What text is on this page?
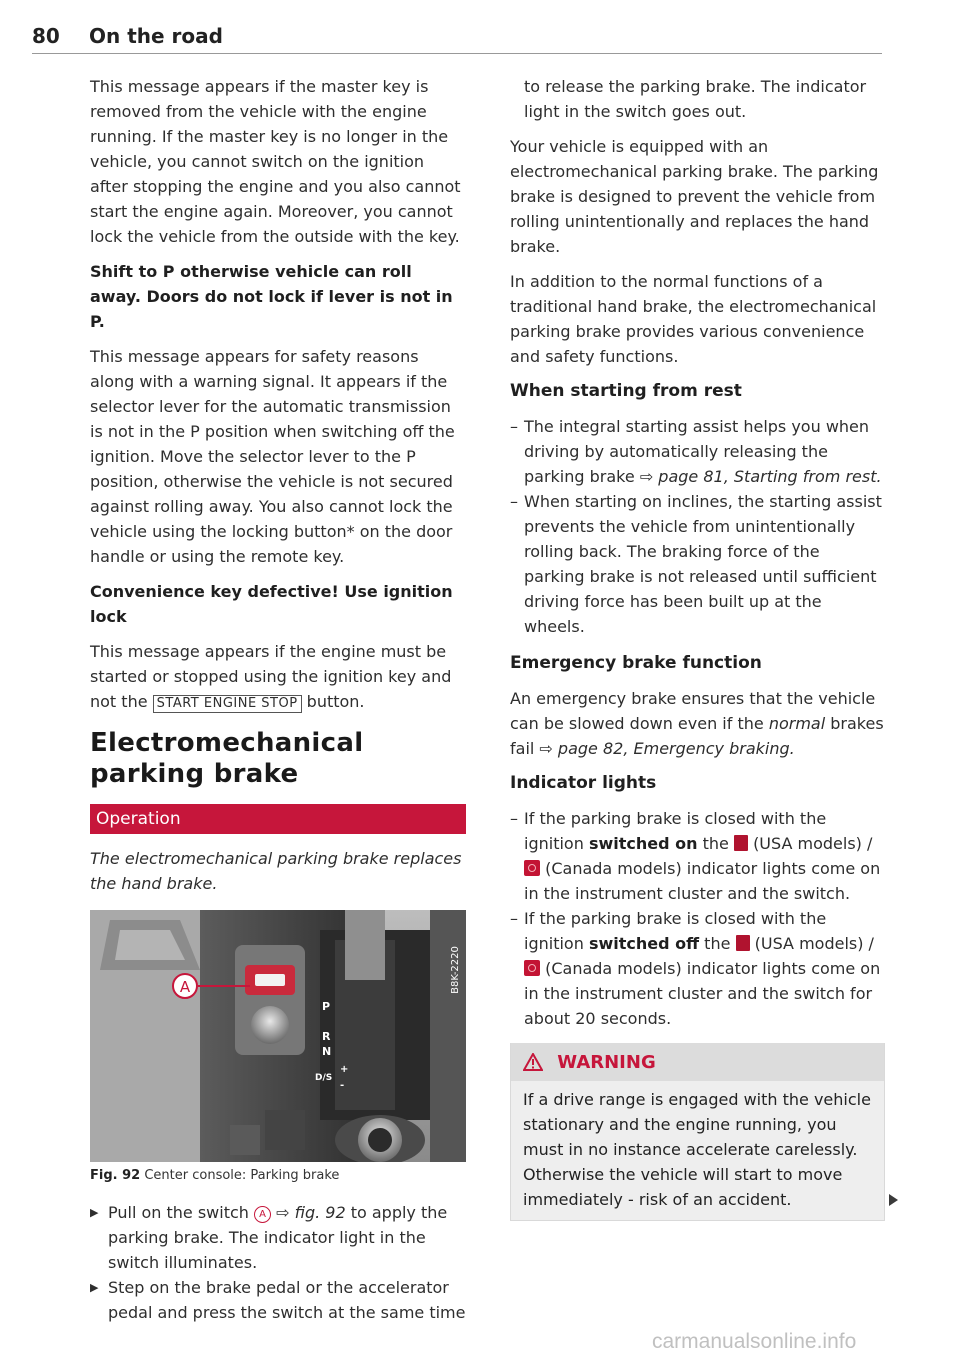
80 On the road

This message appears if the master key is removed from the vehicle with the engine running. If the master key is no longer in the vehicle, you cannot switch on the ignition after stopping the engine and you also cannot start the engine again. Moreover, you cannot lock the vehicle from the outside with the key.

Shift to P otherwise vehicle can roll away. Doors do not lock if lever is not in P.

This message appears for safety reasons along with a warning signal. It appears if the selector lever for the automatic transmission is not in the P position when switching off the ignition. Move the selector lever to the P position, otherwise the vehicle is not secured against rolling away. You also cannot lock the vehicle using the locking button* on the door handle or using the remote key.

Convenience key defective! Use ignition lock

This message appears if the engine must be started or stopped using the ignition key and not the START ENGINE STOP button.

Electromechanical parking brake
Operation
The electromechanical parking brake replaces the hand brake.
P
R
N
D/S
+
-
A	B8K-2220
Fig. 92 Center console: Parking brake
▶ Pull on the switch A ⇨ fig. 92 to apply the parking brake. The indicator light in the switch illuminates.
▶ Step on the brake pedal or the accelerator pedal and press the switch at the same time

to release the parking brake. The indicator light in the switch goes out.

Your vehicle is equipped with an electromechanical parking brake. The parking brake is designed to prevent the vehicle from rolling unintentionally and replaces the hand brake.

In addition to the normal functions of a traditional hand brake, the electromechanical parking brake provides various convenience and safety functions.

When starting from rest
– The integral starting assist helps you when driving by automatically releasing the parking brake ⇨ page 81, Starting from rest.
– When starting on inclines, the starting assist prevents the vehicle from unintentionally rolling back. The braking force of the parking brake is not released until sufficient driving force has been built up at the wheels.
Emergency brake function

An emergency brake ensures that the vehicle can be slowed down even if the normal brakes fail ⇨ page 82, Emergency braking.

Indicator lights
– If the parking brake is closed with the ignition switched on the (USA models) /  (Canada models) indicator lights come on in the instrument cluster and the switch.
– If the parking brake is closed with the ignition switched off the (USA models) /  (Canada models) indicator lights come on in the instrument cluster and the switch for about 20 seconds.
WARNING
If a drive range is engaged with the vehicle stationary and the engine running, you must in no instance accelerate carelessly. Otherwise the vehicle will start to move immediately - risk of an accident.
carmanualsonline.info
